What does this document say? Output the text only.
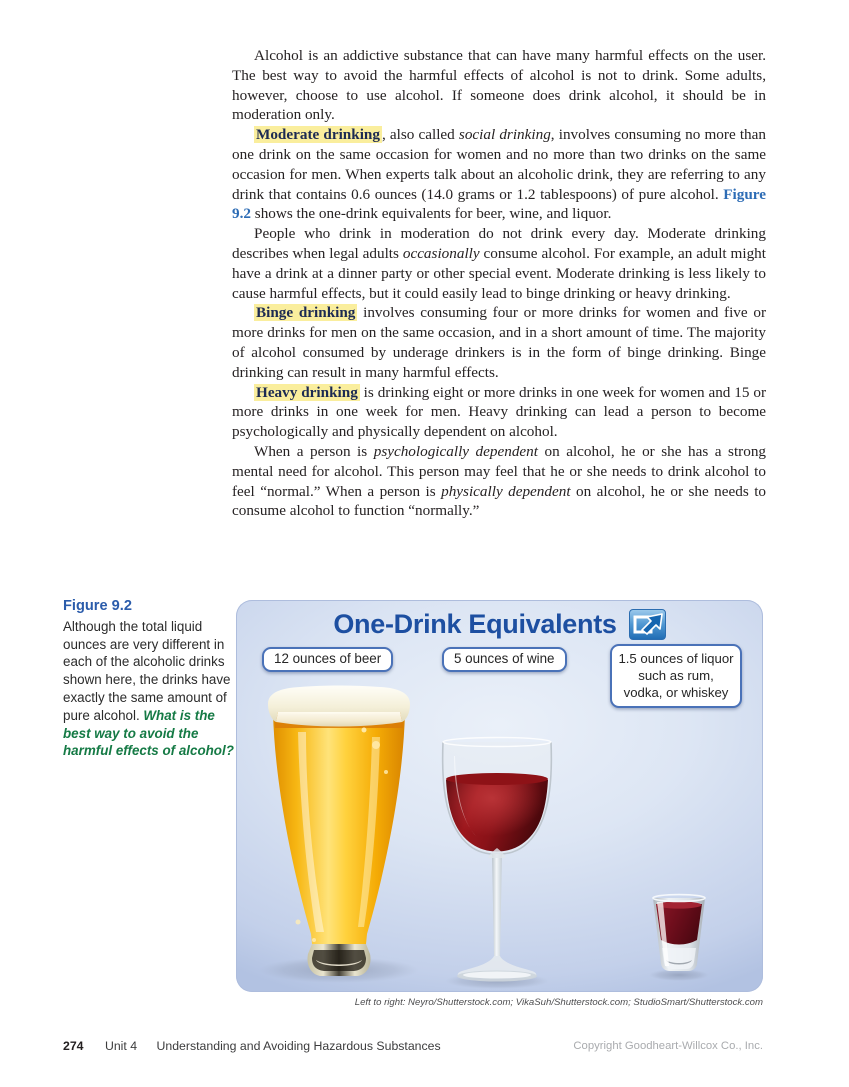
Alcohol is an addictive substance that can have many harmful effects on the user. The best way to avoid the harmful effects of alcohol is not to drink. Some adults, however, choose to use alcohol. If someone does drink alcohol, it should be in moderation only.

Moderate drinking , also called social drinking, involves consuming no more than one drink on the same occasion for women and no more than two drinks on the same occasion for men. When experts talk about an alcoholic drink, they are referring to any drink that contains 0.6 ounces (14.0 grams or 1.2 tablespoons) of pure alcohol. Figure 9.2 shows the one-drink equivalents for beer, wine, and liquor.

People who drink in moderation do not drink every day. Moderate drinking describes when legal adults occasionally consume alcohol. For example, an adult might have a drink at a dinner party or other special event. Moderate drinking is less likely to cause harmful effects, but it could easily lead to binge drinking or heavy drinking.

Binge drinking involves consuming four or more drinks for women and five or more drinks for men on the same occasion, and in a short amount of time. The majority of alcohol consumed by underage drinkers is in the form of binge drinking. Binge drinking can result in many harmful effects.

Heavy drinking is drinking eight or more drinks in one week for women and 15 or more drinks in one week for men. Heavy drinking can lead a person to become psychologically and physically dependent on alcohol.

When a person is psychologically dependent on alcohol, he or she has a strong mental need for alcohol. This person may feel that he or she needs to drink alcohol to feel “normal.” When a person is physically dependent on alcohol, he or she needs to consume alcohol to function “normally.”

Figure 9.2
Although the total liquid ounces are very different in each of the alcoholic drinks shown here, the drinks have exactly the same amount of pure alcohol. What is the best way to avoid the harmful effects of alcohol?
One-Drink Equivalents
12 ounces of beer	5 ounces of wine	1.5 ounces of liquor such as rum, vodka, or whiskey
Left to right: Neyro/Shutterstock.com; VikaSuh/Shutterstock.com; StudioSmart/Shutterstock.com
274 Unit 4 Understanding and Avoiding Hazardous Substances	Copyright Goodheart-Willcox Co., Inc.
